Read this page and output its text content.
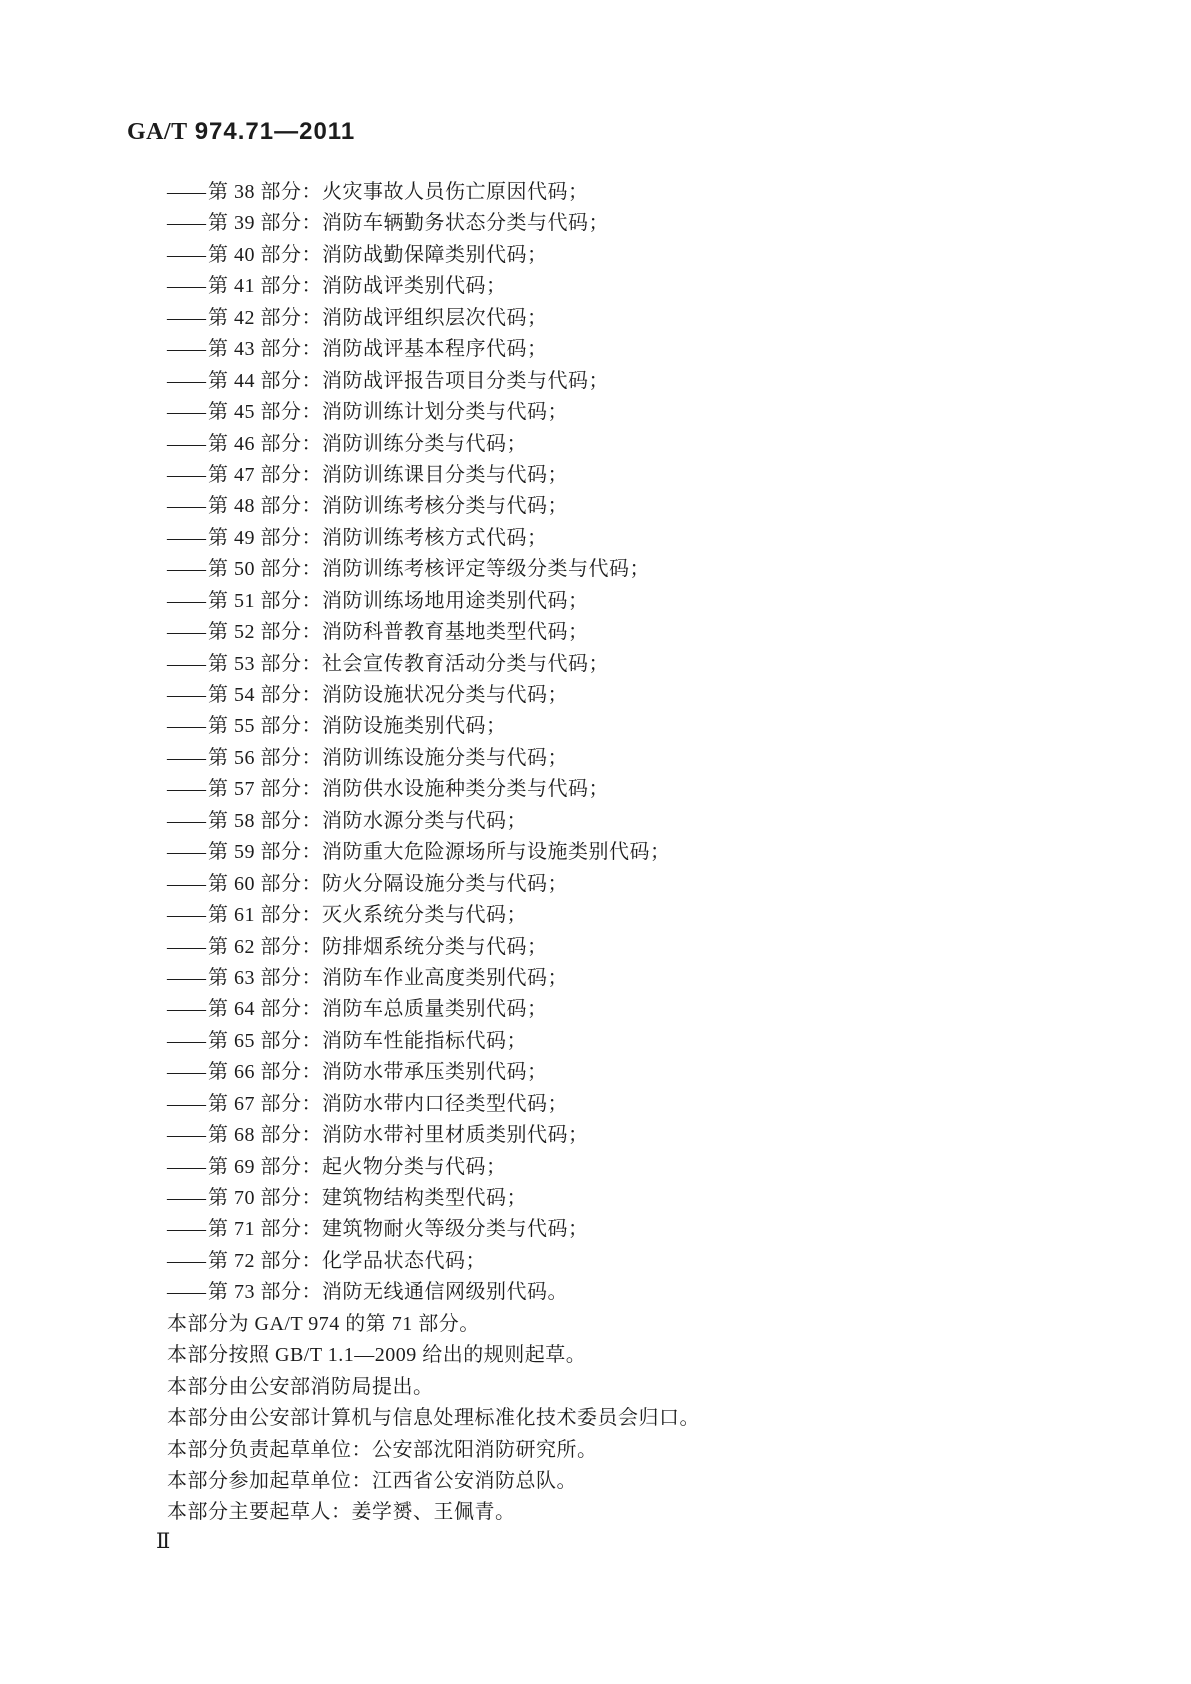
GA/T 974.71—2011
—— 第 38 部分：火灾事故人员伤亡原因代码；
—— 第 39 部分：消防车辆勤务状态分类与代码；
—— 第 40 部分：消防战勤保障类别代码；
—— 第 41 部分：消防战评类别代码；
—— 第 42 部分：消防战评组织层次代码；
—— 第 43 部分：消防战评基本程序代码；
—— 第 44 部分：消防战评报告项目分类与代码；
—— 第 45 部分：消防训练计划分类与代码；
—— 第 46 部分：消防训练分类与代码；
—— 第 47 部分：消防训练课目分类与代码；
—— 第 48 部分：消防训练考核分类与代码；
—— 第 49 部分：消防训练考核方式代码；
—— 第 50 部分：消防训练考核评定等级分类与代码；
—— 第 51 部分：消防训练场地用途类别代码；
—— 第 52 部分：消防科普教育基地类型代码；
—— 第 53 部分：社会宣传教育活动分类与代码；
—— 第 54 部分：消防设施状况分类与代码；
—— 第 55 部分：消防设施类别代码；
—— 第 56 部分：消防训练设施分类与代码；
—— 第 57 部分：消防供水设施种类分类与代码；
—— 第 58 部分：消防水源分类与代码；
—— 第 59 部分：消防重大危险源场所与设施类别代码；
—— 第 60 部分：防火分隔设施分类与代码；
—— 第 61 部分：灭火系统分类与代码；
—— 第 62 部分：防排烟系统分类与代码；
—— 第 63 部分：消防车作业高度类别代码；
—— 第 64 部分：消防车总质量类别代码；
—— 第 65 部分：消防车性能指标代码；
—— 第 66 部分：消防水带承压类别代码；
—— 第 67 部分：消防水带内口径类型代码；
—— 第 68 部分：消防水带衬里材质类别代码；
—— 第 69 部分：起火物分类与代码；
—— 第 70 部分：建筑物结构类型代码；
—— 第 71 部分：建筑物耐火等级分类与代码；
—— 第 72 部分：化学品状态代码；
—— 第 73 部分：消防无线通信网级别代码。
本部分为 GA/T 974 的第 71 部分。
本部分按照 GB/T 1.1—2009 给出的规则起草。
本部分由公安部消防局提出。
本部分由公安部计算机与信息处理标准化技术委员会归口。
本部分负责起草单位：公安部沈阳消防研究所。
本部分参加起草单位：江西省公安消防总队。
本部分主要起草人：姜学赟、王佩青。
Ⅱ
